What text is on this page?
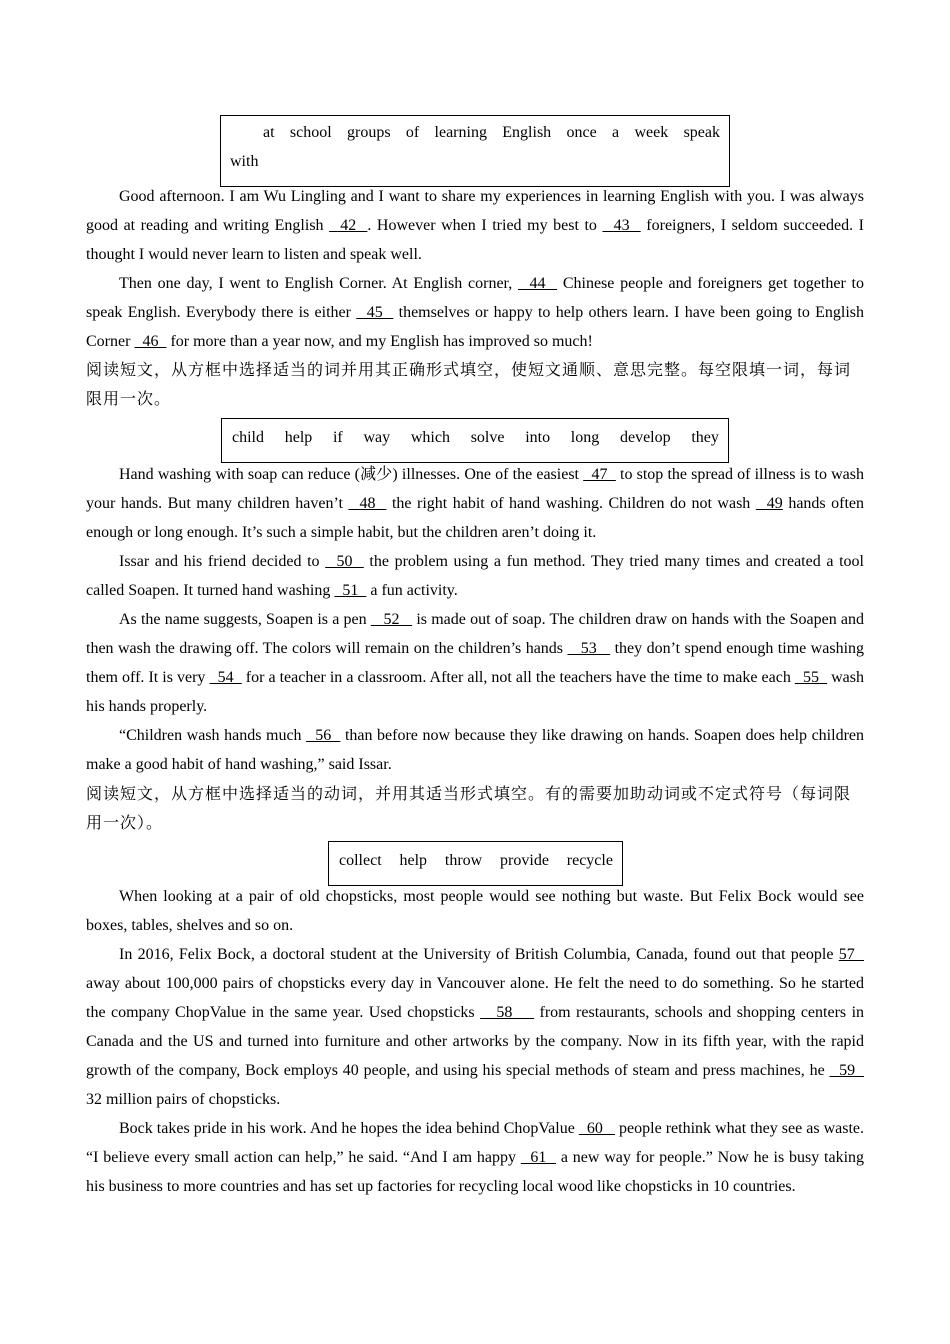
at school groups of learning English once a week speak
with

Good afternoon. I am Wu Lingling and I want to share my experiences in learning English with you. I was always good at reading and writing English   42  . However when I tried my best to   43   foreigners, I seldom succeeded. I thought I would never learn to listen and speak well.

Then one day, I went to English Corner. At English corner,   44   Chinese people and foreigners get together to speak English. Everybody there is either   45   themselves or happy to help others learn. I have been going to English Corner   46   for more than a year now, and my English has improved so much!

阅读短文，从方框中选择适当的词并用其正确形式填空，使短文通顺、意思完整。每空限填一词，每词限用一次。

child help if way which solve into long develop they

Hand washing with soap can reduce (减少) illnesses. One of the easiest   47   to stop the spread of illness is to wash your hands. But many children haven’t   48   the right habit of hand washing. Children do not wash   49 hands often enough or long enough. It’s such a simple habit, but the children aren’t doing it.

Issar and his friend decided to   50   the problem using a fun method. They tried many times and created a tool called Soapen. It turned hand washing   51   a fun activity.

As the name suggests, Soapen is a pen    52    is made out of soap. The children draw on hands with the Soapen and then wash the drawing off. The colors will remain on the children’s hands    53    they don’t spend enough time washing them off. It is very   54   for a teacher in a classroom. After all, not all the teachers have the time to make each   55   wash his hands properly.

“Children wash hands much   56   than before now because they like drawing on hands. Soapen does help children make a good habit of hand washing,” said Issar.

阅读短文，从方框中选择适当的动词，并用其适当形式填空。有的需要加助动词或不定式符号（每词限用一次）。

collect help throw provide recycle

When looking at a pair of old chopsticks, most people would see nothing but waste. But Felix Bock would see boxes, tables, shelves and so on.

In 2016, Felix Bock, a doctoral student at the University of British Columbia, Canada, found out that people 57   away about 100,000 pairs of chopsticks every day in Vancouver alone. He felt the need to do something. So he started the company ChopValue in the same year. Used chopsticks    58     from restaurants, schools and shopping centers in Canada and the US and turned into furniture and other artworks by the company. Now in its fifth year, with the rapid growth of the company, Bock employs 40 people, and using his special methods of steam and press machines, he   59   32 million pairs of chopsticks.

Bock takes pride in his work. And he hopes the idea behind ChopValue   60    people rethink what they see as waste. “I believe every small action can help,” he said. “And I am happy   61   a new way for people.” Now he is busy taking his business to more countries and has set up factories for recycling local wood like chopsticks in 10 countries.
